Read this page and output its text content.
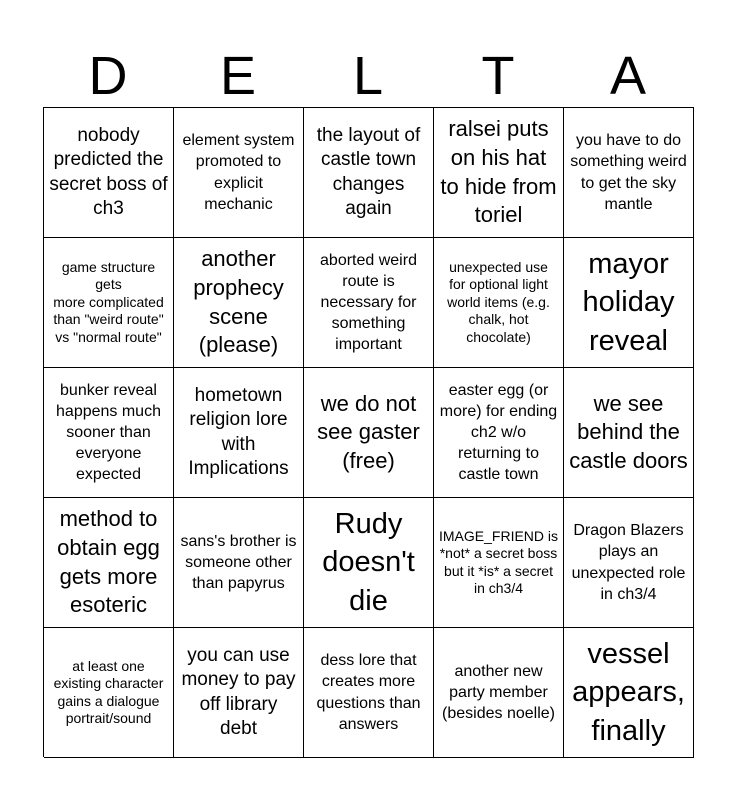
D	E	L	T	A
nobody predicted the secret boss of ch3
element system promoted to explicit mechanic
the layout of castle town changes again
ralsei puts on his hat to hide from toriel
you have to do something weird to get the sky mantle
game structure gets
more complicated than "weird route" vs "normal route"
another prophecy scene (please)
aborted weird route is necessary for something important
unexpected use for optional light world items (e.g. chalk, hot chocolate)
mayor holiday reveal
bunker reveal happens much sooner than everyone expected
hometown religion lore with Implications
we do not see gaster (free)
easter egg (or more) for ending ch2 w/o returning to castle town
we see behind the castle doors
method to obtain egg gets more esoteric
sans's brother is someone other than papyrus
Rudy doesn't die
IMAGE_FRIEND is *not* a secret boss
but it *is* a secret in ch3/4
Dragon Blazers plays an unexpected role in ch3/4
at least one existing character gains a dialogue portrait/sound
you can use money to pay off library debt
dess lore that creates more questions than answers
another new party member (besides noelle)
vessel appears, finally
